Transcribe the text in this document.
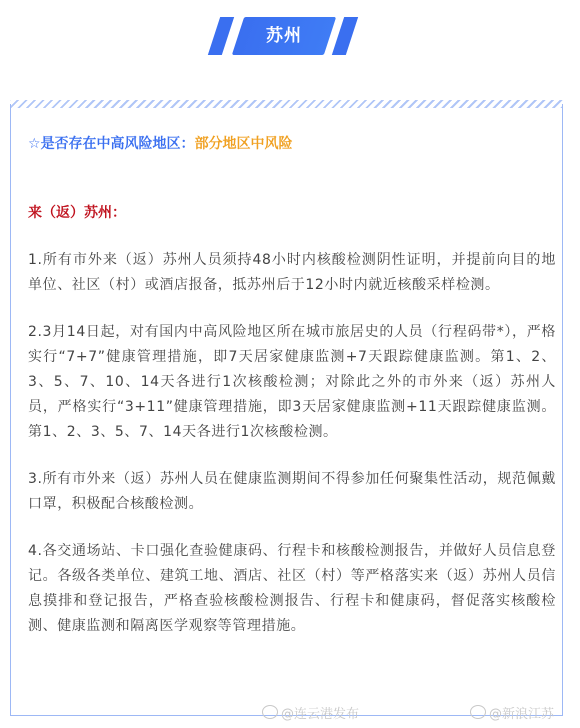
苏州
☆是否存在中高风险地区：部分地区中风险
来（返）苏州：
1.所有市外来（返）苏州人员须持48小时内核酸检测阴性证明，并提前向目的地单位、社区（村）或酒店报备，抵苏州后于12小时内就近核酸采样检测。
2.3月14日起，对有国内中高风险地区所在城市旅居史的人员（行程码带*），严格实行“7+7”健康管理措施，即7天居家健康监测+7天跟踪健康监测。第1、2、3、5、7、10、14天各进行1次核酸检测；对除此之外的市外来（返）苏州人员，严格实行“3+11”健康管理措施，即3天居家健康监测+11天跟踪健康监测。第1、2、3、5、7、14天各进行1次核酸检测。
3.所有市外来（返）苏州人员在健康监测期间不得参加任何聚集性活动，规范佩戴口罩，积极配合核酸检测。
4.各交通场站、卡口强化查验健康码、行程卡和核酸检测报告，并做好人员信息登记。各级各类单位、建筑工地、酒店、社区（村）等严格落实来（返）苏州人员信息摸排和登记报告，严格查验核酸检测报告、行程卡和健康码，督促落实核酸检测、健康监测和隔离医学观察等管理措施。
@连云港发布	@新浪江苏
